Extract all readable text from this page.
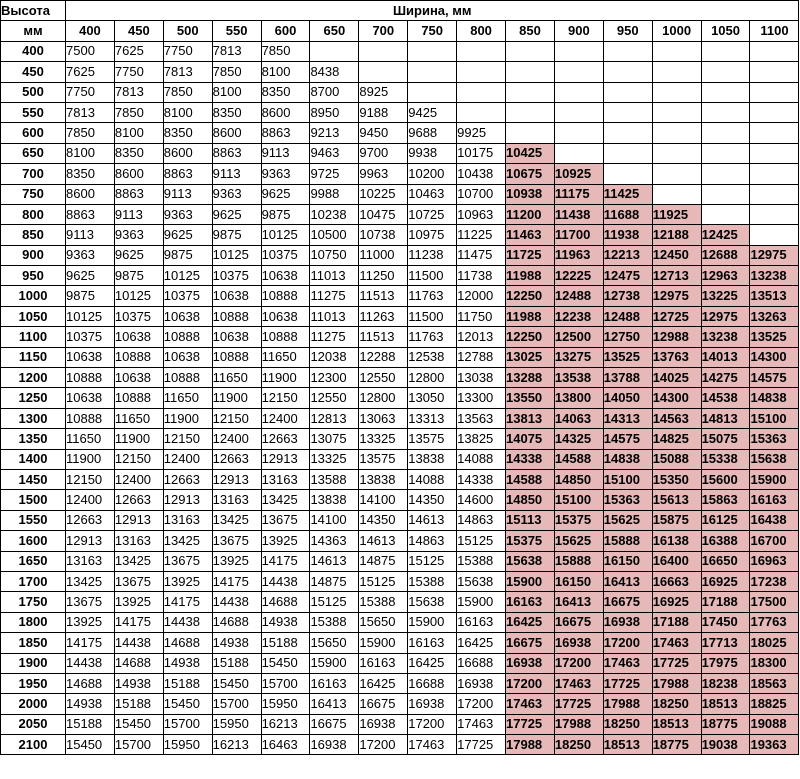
Высота	Ширина, мм														
мм	400	450	500	550	600	650	700	750	800	850	900	950	1000	1050	1100
400	7500	7625	7750	7813	7850										
450	7625	7750	7813	7850	8100	8438									
500	7750	7813	7850	8100	8350	8700	8925								
550	7813	7850	8100	8350	8600	8950	9188	9425							
600	7850	8100	8350	8600	8863	9213	9450	9688	9925						
650	8100	8350	8600	8863	9113	9463	9700	9938	10175	10425					
700	8350	8600	8863	9113	9363	9725	9963	10200	10438	10675	10925				
750	8600	8863	9113	9363	9625	9988	10225	10463	10700	10938	11175	11425			
800	8863	9113	9363	9625	9875	10238	10475	10725	10963	11200	11438	11688	11925		
850	9113	9363	9625	9875	10125	10500	10738	10975	11225	11463	11700	11938	12188	12425	
900	9363	9625	9875	10125	10375	10750	11000	11238	11475	11725	11963	12213	12450	12688	12975
950	9625	9875	10125	10375	10638	11013	11250	11500	11738	11988	12225	12475	12713	12963	13238
1000	9875	10125	10375	10638	10888	11275	11513	11763	12000	12250	12488	12738	12975	13225	13513
1050	10125	10375	10638	10888	10638	11013	11263	11500	11750	11988	12238	12488	12725	12975	13263
1100	10375	10638	10888	10638	10888	11275	11513	11763	12013	12250	12500	12750	12988	13238	13525
1150	10638	10888	10638	10888	11650	12038	12288	12538	12788	13025	13275	13525	13763	14013	14300
1200	10888	10638	10888	11650	11900	12300	12550	12800	13038	13288	13538	13788	14025	14275	14575
1250	10638	10888	11650	11900	12150	12550	12800	13050	13300	13550	13800	14050	14300	14538	14838
1300	10888	11650	11900	12150	12400	12813	13063	13313	13563	13813	14063	14313	14563	14813	15100
1350	11650	11900	12150	12400	12663	13075	13325	13575	13825	14075	14325	14575	14825	15075	15363
1400	11900	12150	12400	12663	12913	13325	13575	13838	14088	14338	14588	14838	15088	15338	15638
1450	12150	12400	12663	12913	13163	13588	13838	14088	14338	14588	14850	15100	15350	15600	15900
1500	12400	12663	12913	13163	13425	13838	14100	14350	14600	14850	15100	15363	15613	15863	16163
1550	12663	12913	13163	13425	13675	14100	14350	14613	14863	15113	15375	15625	15875	16125	16438
1600	12913	13163	13425	13675	13925	14363	14613	14863	15125	15375	15625	15888	16138	16388	16700
1650	13163	13425	13675	13925	14175	14613	14875	15125	15388	15638	15888	16150	16400	16650	16963
1700	13425	13675	13925	14175	14438	14875	15125	15388	15638	15900	16150	16413	16663	16925	17238
1750	13675	13925	14175	14438	14688	15125	15388	15638	15900	16163	16413	16675	16925	17188	17500
1800	13925	14175	14438	14688	14938	15388	15650	15900	16163	16425	16675	16938	17188	17450	17763
1850	14175	14438	14688	14938	15188	15650	15900	16163	16425	16675	16938	17200	17463	17713	18025
1900	14438	14688	14938	15188	15450	15900	16163	16425	16688	16938	17200	17463	17725	17975	18300
1950	14688	14938	15188	15450	15700	16163	16425	16688	16938	17200	17463	17725	17988	18238	18563
2000	14938	15188	15450	15700	15950	16413	16675	16938	17200	17463	17725	17988	18250	18513	18825
2050	15188	15450	15700	15950	16213	16675	16938	17200	17463	17725	17988	18250	18513	18775	19088
2100	15450	15700	15950	16213	16463	16938	17200	17463	17725	17988	18250	18513	18775	19038	19363
